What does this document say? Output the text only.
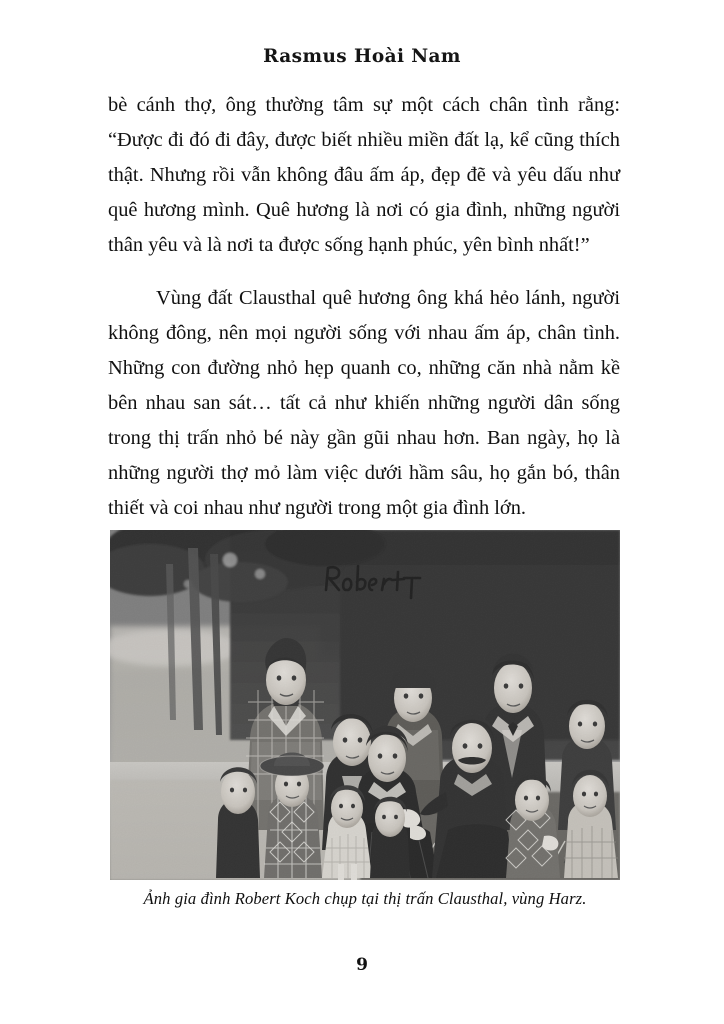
Rasmus Hoài Nam

bè cánh thợ, ông thường tâm sự một cách chân tình rằng: “Được đi đó đi đây, được biết nhiều miền đất lạ, kể cũng thích thật. Nhưng rồi vẫn không đâu ấm áp, đẹp đẽ và yêu dấu như quê hương mình. Quê hương là nơi có gia đình, những người thân yêu và là nơi ta được sống hạnh phúc, yên bình nhất!”

Vùng đất Clausthal quê hương ông khá hẻo lánh, người không đông, nên mọi người sống với nhau ấm áp, chân tình. Những con đường nhỏ hẹp quanh co, những căn nhà nằm kề bên nhau san sát… tất cả như khiến những người dân sống trong thị trấn nhỏ bé này gần gũi nhau hơn. Ban ngày, họ là những người thợ mỏ làm việc dưới hầm sâu, họ gắn bó, thân thiết và coi nhau như người trong một gia đình lớn.

Ảnh gia đình Robert Koch chụp tại thị trấn Clausthal, vùng Harz.
9
